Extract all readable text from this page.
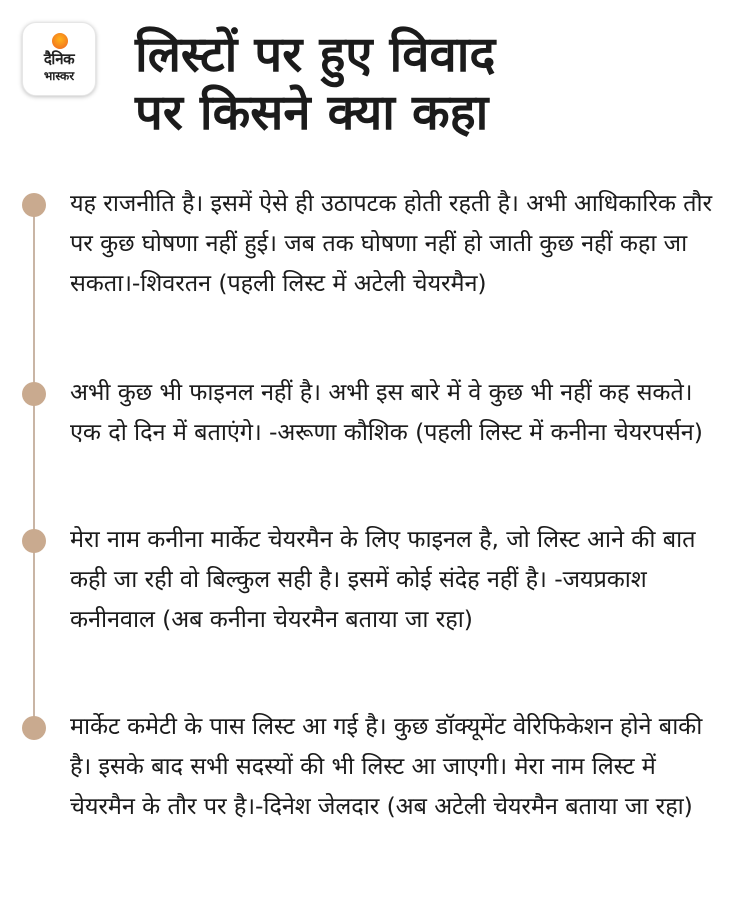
दैनिक
भास्कर	लिस्टों पर हुए विवाद
पर किसने क्या कहा

यह राजनीति है। इसमें ऐसे ही उठापटक होती रहती है। अभी आधिकारिक तौर पर कुछ घोषणा नहीं हुई। जब तक घोषणा नहीं हो जाती कुछ नहीं कहा जा सकता।-शिवरतन (पहली लिस्ट में अटेली चेयरमैन)

अभी कुछ भी फाइनल नहीं है। अभी इस बारे में वे कुछ भी नहीं कह सकते। एक दो दिन में बताएंगे। -अरूणा कौशिक (पहली लिस्ट में कनीना चेयरपर्सन)

मेरा नाम कनीना मार्केट चेयरमैन के लिए फाइनल है, जो लिस्ट आने की बात कही जा रही वो बिल्कुल सही है। इसमें कोई संदेह नहीं है। -जयप्रकाश कनीनवाल (अब कनीना चेयरमैन बताया जा रहा)

मार्केट कमेटी के पास लिस्ट आ गई है। कुछ डॉक्यूमेंट वेरिफिकेशन होने बाकी है। इसके बाद सभी सदस्यों की भी लिस्ट आ जाएगी। मेरा नाम लिस्ट में चेयरमैन के तौर पर है।-दिनेश जेलदार (अब अटेली चेयरमैन बताया जा रहा)
